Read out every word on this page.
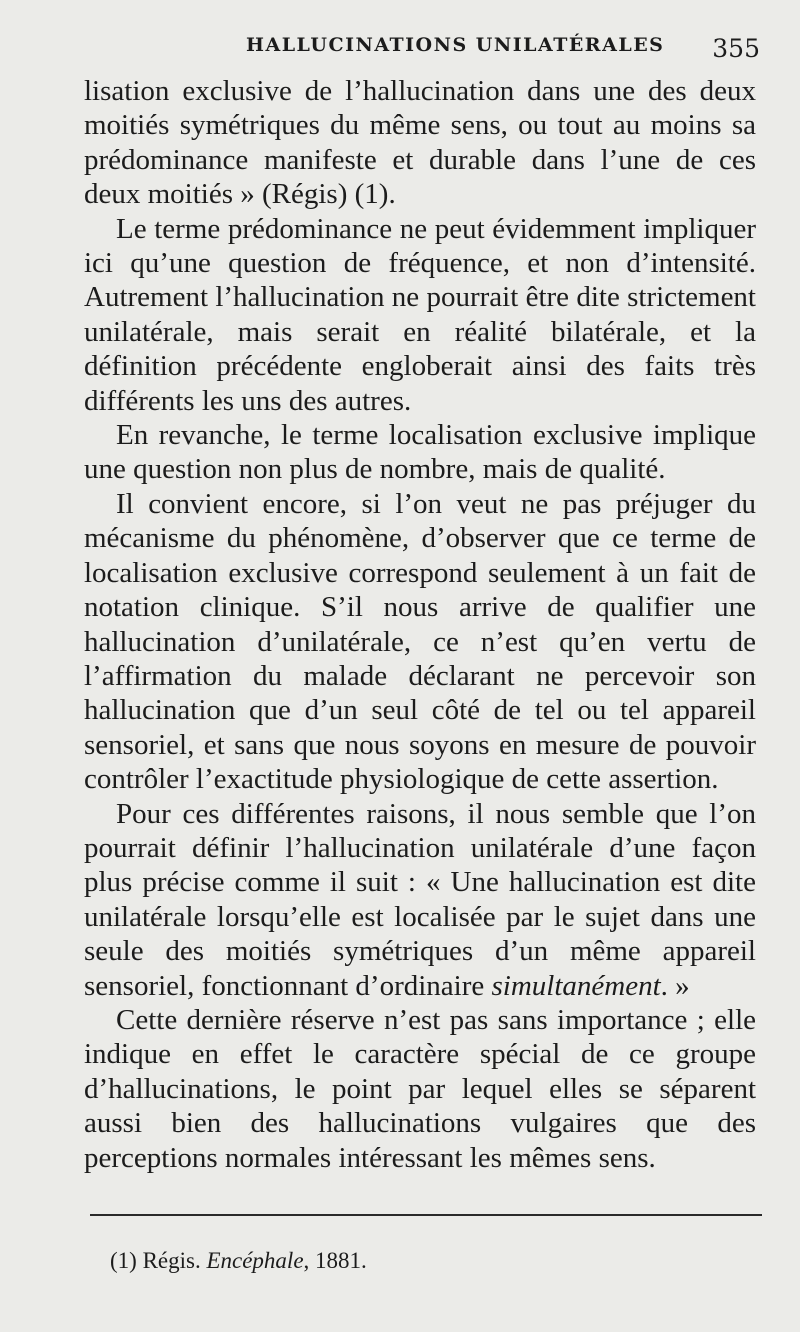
HALLUCINATIONS UNILATÉRALES 355

lisation exclusive de l’hallucination dans une des deux moitiés symétriques du même sens, ou tout au moins sa prédominance manifeste et durable dans l’une de ces deux moitiés » (Régis) (1).

Le terme prédominance ne peut évidemment impliquer ici qu’une question de fréquence, et non d’intensité. Autrement l’hallucination ne pourrait être dite strictement unilatérale, mais serait en réalité bilatérale, et la définition précédente engloberait ainsi des faits très différents les uns des autres.

En revanche, le terme localisation exclusive implique une question non plus de nombre, mais de qualité.

Il convient encore, si l’on veut ne pas préjuger du mécanisme du phénomène, d’observer que ce terme de localisation exclusive correspond seulement à un fait de notation clinique. S’il nous arrive de qualifier une hallucination d’unilatérale, ce n’est qu’en vertu de l’affirmation du malade déclarant ne percevoir son hallucination que d’un seul côté de tel ou tel appareil sensoriel, et sans que nous soyons en mesure de pouvoir contrôler l’exactitude physiologique de cette assertion.

Pour ces différentes raisons, il nous semble que l’on pourrait définir l’hallucination unilatérale d’une façon plus précise comme il suit : « Une hallucination est dite unilatérale lorsqu’elle est localisée par le sujet dans une seule des moitiés symétriques d’un même appareil sensoriel, fonctionnant d’ordinaire simultanément. »

Cette dernière réserve n’est pas sans importance ; elle indique en effet le caractère spécial de ce groupe d’hallucinations, le point par lequel elles se séparent aussi bien des hallucinations vulgaires que des perceptions normales intéressant les mêmes sens.

(1) Régis. Encéphale, 1881.
